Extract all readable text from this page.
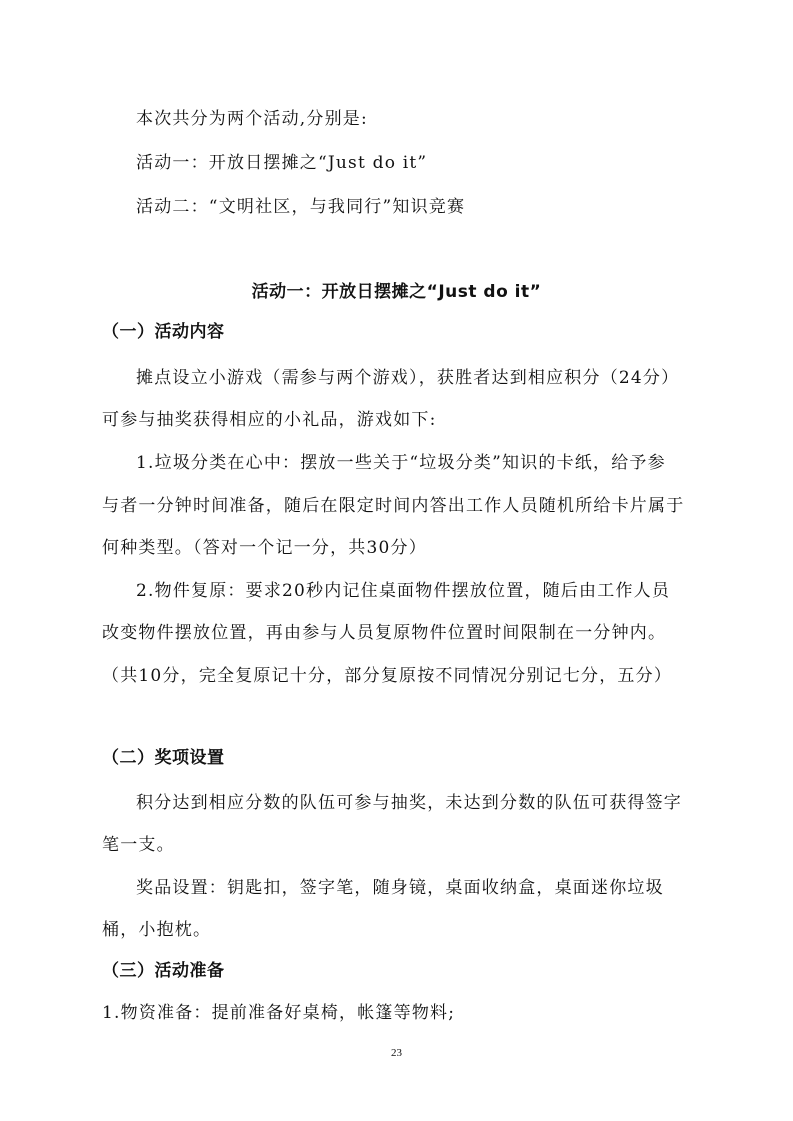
本次共分为两个活动,分别是:
活动一：开放日摆摊之“Just do it”
活动二：“文明社区，与我同行”知识竞赛
活动一：开放日摆摊之“Just do it”
（一）活动内容
摊点设立小游戏（需参与两个游戏），获胜者达到相应积分（24分）
可参与抽奖获得相应的小礼品，游戏如下:
1.垃圾分类在心中：摆放一些关于“垃圾分类”知识的卡纸，给予参
与者一分钟时间准备，随后在限定时间内答出工作人员随机所给卡片属于
何种类型。（答对一个记一分，共30分）
2.物件复原：要求20秒内记住桌面物件摆放位置，随后由工作人员
改变物件摆放位置，再由参与人员复原物件位置时间限制在一分钟内。
（共10分，完全复原记十分，部分复原按不同情况分别记七分，五分）
（二）奖项设置
积分达到相应分数的队伍可参与抽奖，未达到分数的队伍可获得签字
笔一支。
奖品设置：钥匙扣，签字笔，随身镜，桌面收纳盒，桌面迷你垃圾
桶，小抱枕。
（三）活动准备
1.物资准备：提前准备好桌椅，帐篷等物料;
23
